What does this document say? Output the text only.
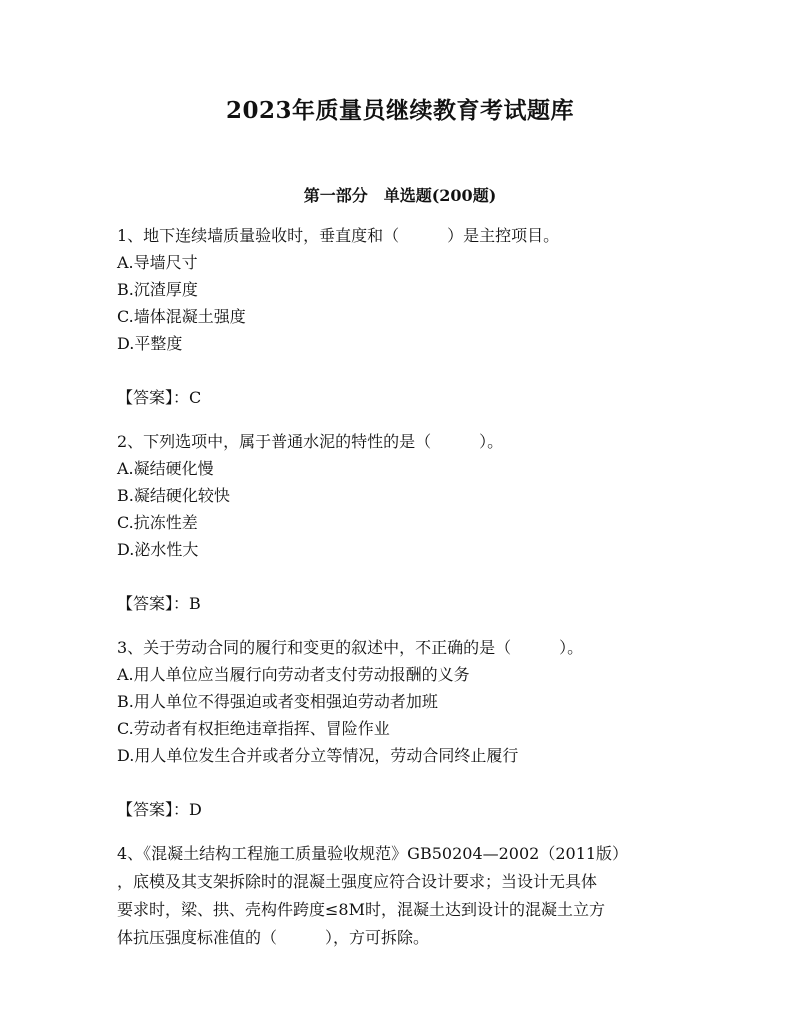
2023年质量员继续教育考试题库
第一部分　单选题(200题)
1、地下连续墙质量验收时，垂直度和（　　　）是主控项目。
A.导墙尺寸
B.沉渣厚度
C.墙体混凝土强度
D.平整度
【答案】：C
2、下列选项中，属于普通水泥的特性的是（　　　）。
A.凝结硬化慢
B.凝结硬化较快
C.抗冻性差
D.泌水性大
【答案】：B
3、关于劳动合同的履行和变更的叙述中，不正确的是（　　　）。
A.用人单位应当履行向劳动者支付劳动报酬的义务
B.用人单位不得强迫或者变相强迫劳动者加班
C.劳动者有权拒绝违章指挥、冒险作业
D.用人单位发生合并或者分立等情况，劳动合同终止履行
【答案】：D
4、《混凝土结构工程施工质量验收规范》GB50204—2002（2011版）
，底模及其支架拆除时的混凝土强度应符合设计要求；当设计无具体
要求时，梁、拱、壳构件跨度≤8M时，混凝土达到设计的混凝土立方
体抗压强度标准值的（　　　），方可拆除。
